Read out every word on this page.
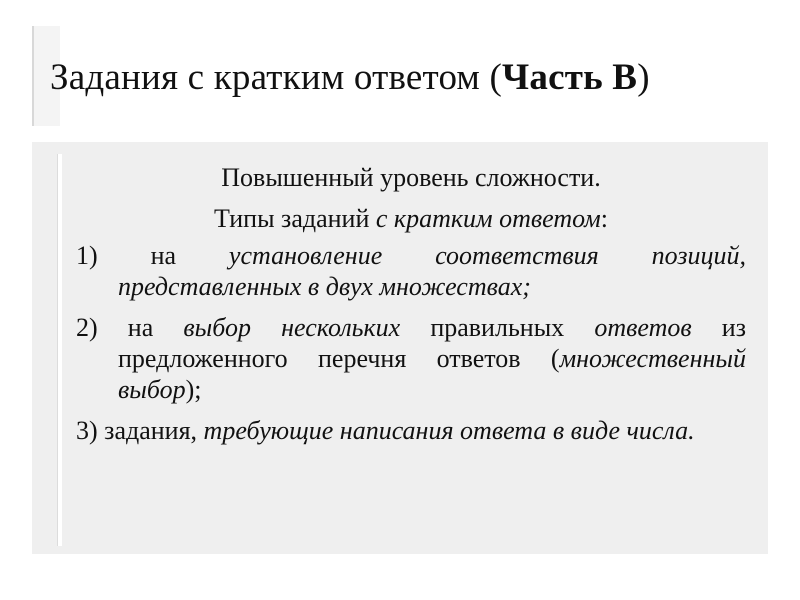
Задания с кратким ответом (Часть В)

Повышенный уровень сложности.

Типы заданий с кратким ответом:

1) на установление соответствия позиций, представленных в двух множествах;

2) на выбор нескольких правильных ответов из предложенного перечня ответов (множественный выбор);

3) задания, требующие написания ответа в виде числа.
